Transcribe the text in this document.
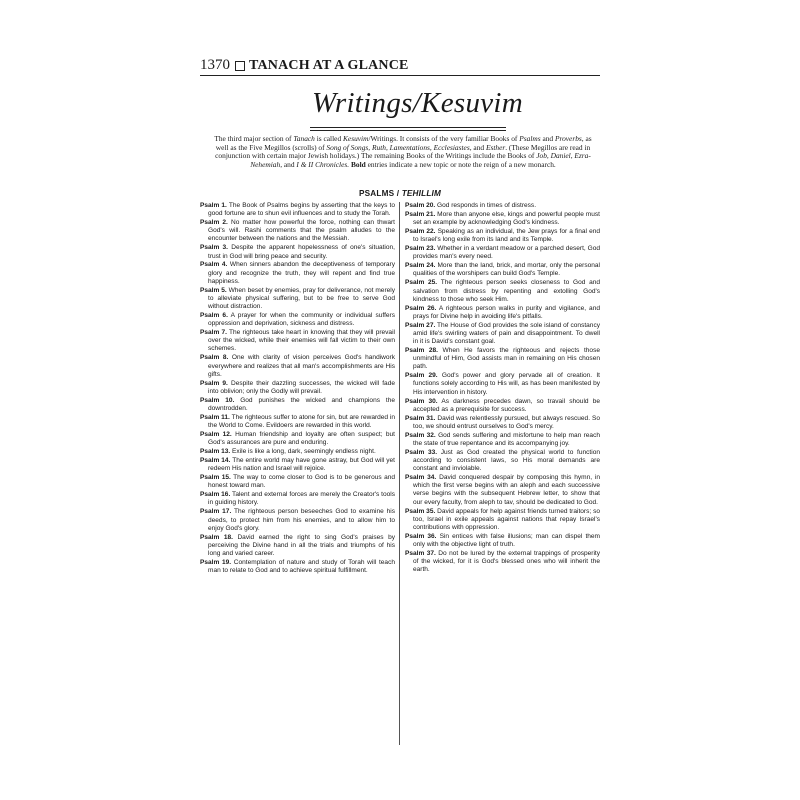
1370 TANACH AT A GLANCE
Writings/Kesuvim
The third major section of Tanach is called Kesuvim/Writings. It consists of the very familiar Books of Psalms and Proverbs, as well as the Five Megillos (scrolls) of Song of Songs, Ruth, Lamentations, Ecclesiastes, and Esther. (These Megillos are read in conjunction with certain major Jewish holidays.) The remaining Books of the Writings include the Books of Job, Daniel, Ezra-Nehemiah, and I & II Chronicles. Bold entries indicate a new topic or note the reign of a new monarch.
PSALMS / TEHILLIM

Psalm 1. The Book of Psalms begins by asserting that the keys to good fortune are to shun evil influences and to study the Torah.

Psalm 2. No matter how powerful the force, nothing can thwart God's will. Rashi comments that the psalm alludes to the encounter between the nations and the Messiah.

Psalm 3. Despite the apparent hopelessness of one's situation, trust in God will bring peace and security.

Psalm 4. When sinners abandon the deceptiveness of temporary glory and recognize the truth, they will repent and find true happiness.

Psalm 5. When beset by enemies, pray for deliverance, not merely to alleviate physical suffering, but to be free to serve God without distraction.

Psalm 6. A prayer for when the community or individual suffers oppression and deprivation, sickness and distress.

Psalm 7. The righteous take heart in knowing that they will prevail over the wicked, while their enemies will fall victim to their own schemes.

Psalm 8. One with clarity of vision perceives God's handiwork everywhere and realizes that all man's accomplishments are His gifts.

Psalm 9. Despite their dazzling successes, the wicked will fade into oblivion; only the Godly will prevail.

Psalm 10. God punishes the wicked and champions the downtrodden.

Psalm 11. The righteous suffer to atone for sin, but are rewarded in the World to Come. Evildoers are rewarded in this world.

Psalm 12. Human friendship and loyalty are often suspect; but God's assurances are pure and enduring.

Psalm 13. Exile is like a long, dark, seemingly endless night.

Psalm 14. The entire world may have gone astray, but God will yet redeem His nation and Israel will rejoice.

Psalm 15. The way to come closer to God is to be generous and honest toward man.

Psalm 16. Talent and external forces are merely the Creator's tools in guiding history.

Psalm 17. The righteous person beseeches God to examine his deeds, to protect him from his enemies, and to allow him to enjoy God's glory.

Psalm 18. David earned the right to sing God's praises by perceiving the Divine hand in all the trials and triumphs of his long and varied career.

Psalm 19. Contemplation of nature and study of Torah will teach man to relate to God and to achieve spiritual fulfillment.

Psalm 20. God responds in times of distress.

Psalm 21. More than anyone else, kings and powerful people must set an example by acknowledging God's kindness.

Psalm 22. Speaking as an individual, the Jew prays for a final end to Israel's long exile from its land and its Temple.

Psalm 23. Whether in a verdant meadow or a parched desert, God provides man's every need.

Psalm 24. More than the land, brick, and mortar, only the personal qualities of the worshipers can build God's Temple.

Psalm 25. The righteous person seeks closeness to God and salvation from distress by repenting and extolling God's kindness to those who seek Him.

Psalm 26. A righteous person walks in purity and vigilance, and prays for Divine help in avoiding life's pitfalls.

Psalm 27. The House of God provides the sole island of constancy amid life's swirling waters of pain and disappointment. To dwell in it is David's constant goal.

Psalm 28. When He favors the righteous and rejects those unmindful of Him, God assists man in remaining on His chosen path.

Psalm 29. God's power and glory pervade all of creation. It functions solely according to His will, as has been manifested by His intervention in history.

Psalm 30. As darkness precedes dawn, so travail should be accepted as a prerequisite for success.

Psalm 31. David was relentlessly pursued, but always rescued. So too, we should entrust ourselves to God's mercy.

Psalm 32. God sends suffering and misfortune to help man reach the state of true repentance and its accompanying joy.

Psalm 33. Just as God created the physical world to function according to consistent laws, so His moral demands are constant and inviolable.

Psalm 34. David conquered despair by composing this hymn, in which the first verse begins with an aleph and each successive verse begins with the subsequent Hebrew letter, to show that our every faculty, from aleph to tav, should be dedicated to God.

Psalm 35. David appeals for help against friends turned traitors; so too, Israel in exile appeals against nations that repay Israel's contributions with oppression.

Psalm 36. Sin entices with false illusions; man can dispel them only with the objective light of truth.

Psalm 37. Do not be lured by the external trappings of prosperity of the wicked, for it is God's blessed ones who will inherit the earth.
